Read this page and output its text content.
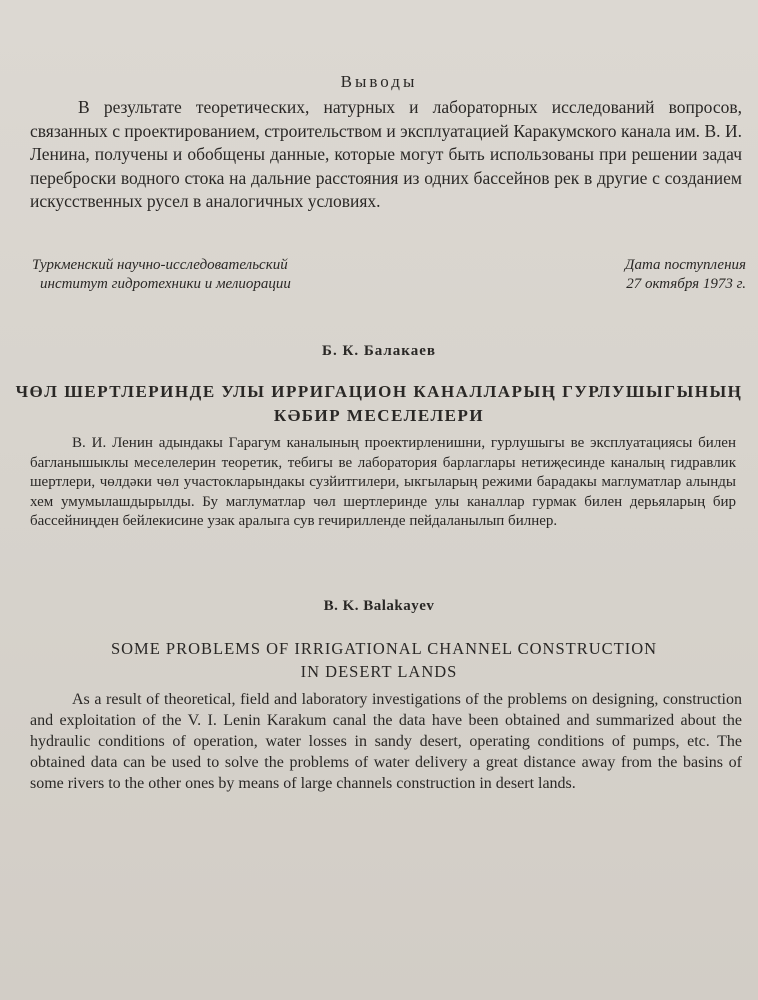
Выводы

В результате теоретических, натурных и лабораторных исследований вопросов, связанных с проектированием, строительством и эксплуатацией Каракумского канала им. В. И. Ленина, получены и обобщены данные, которые могут быть использованы при решении задач переброски водного стока на дальние расстояния из одних бассейнов рек в другие с созданием искусственных русел в аналогичных условиях.

Туркменский научно-исследовательский
институт гидротехники и мелиорации
Дата поступления
27 октября 1973 г.
Б. К. Балакаев
ЧӨЛ ШЕРТЛЕРИНДЕ УЛЫ ИРРИГАЦИОН КАНАЛЛАРЫҢ ГУРЛУШЫГЫНЫҢ
КӘБИР МЕСЕЛЕЛЕРИ

В. И. Ленин адындакы Гарагум каналының проектирленишни, гурлушыгы ве эксплуатациясы билен багланышыклы меселелерин теоретик, тебигы ве лаборатория барлаглары нетиҗесинде каналың гидравлик шертлери, чөлдәки чөл участокларындакы сузйитгилери, ыкгыларың режими барадакы маглуматлар алынды хем умумылашдырылды. Бу маглуматлар чөл шертлеринде улы каналлар гурмак билен дерьяларың бир бассейниңден бейлекисине узак аралыга сув гечирилленде пейдаланылып билнер.

B. K. Balakayev
SOME PROBLEMS OF IRRIGATIONAL CHANNEL CONSTRUCTION
IN DESERT LANDS

As a result of theoretical, field and laboratory investigations of the problems on designing, construction and exploitation of the V. I. Lenin Karakum canal the data have been obtained and summarized about the hydraulic conditions of operation, water losses in sandy desert, operating conditions of pumps, etc. The obtained data can be used to solve the problems of water delivery a great distance away from the basins of some rivers to the other ones by means of large channels construction in desert lands.
